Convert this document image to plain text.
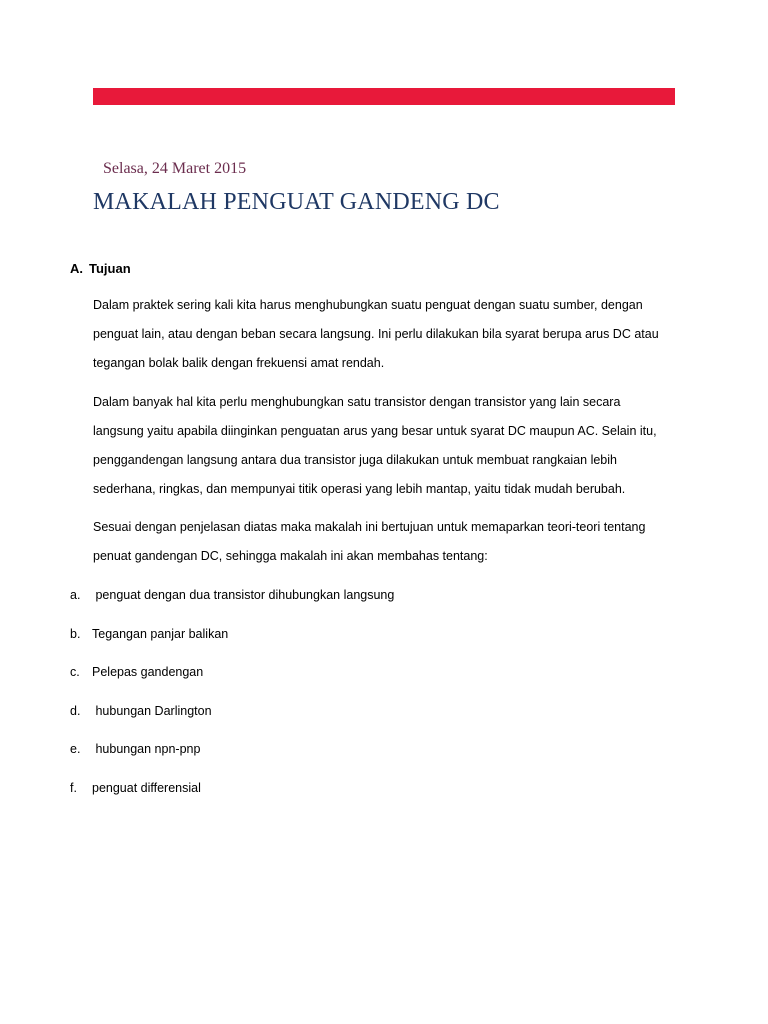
Selasa, 24 Maret 2015
MAKALAH PENGUAT GANDENG DC
A. Tujuan
Dalam praktek sering kali kita harus menghubungkan suatu penguat dengan suatu sumber, dengan
penguat lain, atau dengan beban secara langsung. Ini perlu dilakukan bila syarat berupa arus DC atau
tegangan bolak balik dengan frekuensi amat rendah.
Dalam banyak hal kita perlu menghubungkan satu transistor dengan transistor yang lain secara
langsung yaitu apabila diinginkan penguatan arus yang besar untuk syarat DC maupun AC. Selain itu,
penggandengan langsung antara dua transistor juga dilakukan untuk membuat rangkaian lebih
sederhana, ringkas, dan mempunyai titik operasi yang lebih mantap, yaitu tidak mudah berubah.
Sesuai dengan penjelasan diatas maka makalah ini bertujuan untuk memaparkan teori-teori tentang
penuat gandengan DC, sehingga makalah ini akan membahas tentang:
a. penguat dengan dua transistor dihubungkan langsung
b. Tegangan panjar balikan
c. Pelepas gandengan
d. hubungan Darlington
e. hubungan npn-pnp
f. penguat differensial
